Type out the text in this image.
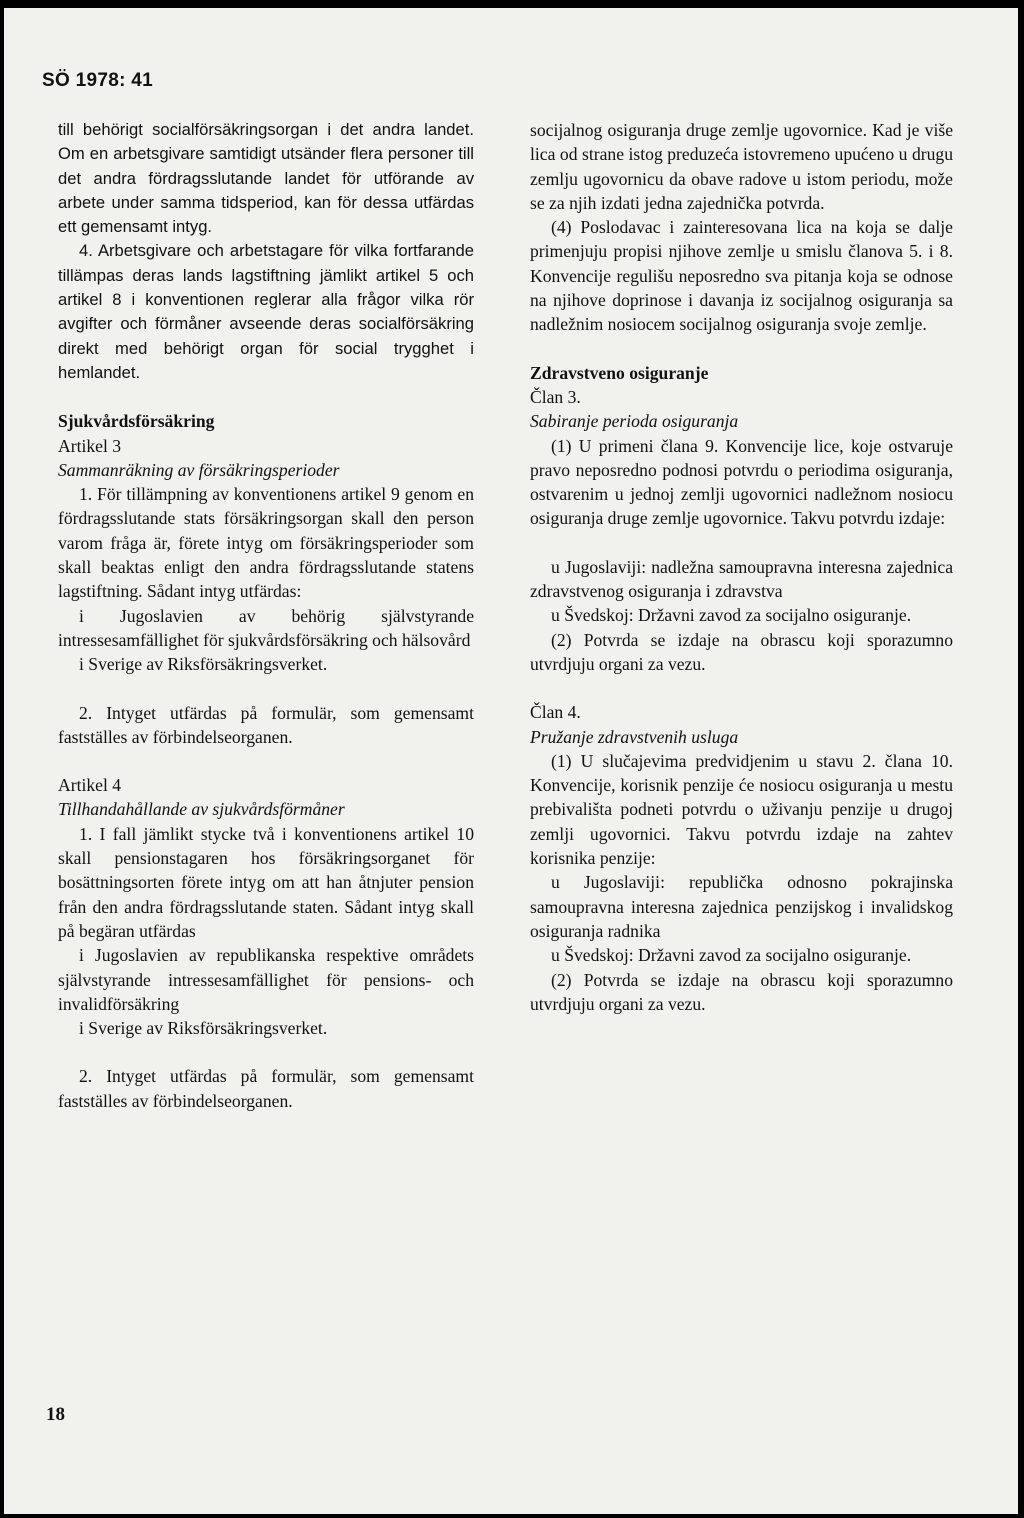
SÖ 1978: 41

till behörigt socialförsäkringsorgan i det andra landet. Om en arbetsgivare samtidigt utsänder flera personer till det andra fördragsslutande landet för utförande av arbete under samma tidsperiod, kan för dessa utfärdas ett gemensamt intyg.

4. Arbetsgivare och arbetstagare för vilka fortfarande tillämpas deras lands lagstiftning jämlikt artikel 5 och artikel 8 i konventionen reglerar alla frågor vilka rör avgifter och förmåner avseende deras socialförsäkring direkt med behörigt organ för social trygghet i hemlandet.

Sjukvårdsförsäkring

Artikel 3

Sammanräkning av försäkringsperioder

1. För tillämpning av konventionens artikel 9 genom en fördragsslutande stats försäkringsorgan skall den person varom fråga är, förete intyg om försäkringsperioder som skall beaktas enligt den andra fördragsslutande statens lagstiftning. Sådant intyg utfärdas:

i Jugoslavien av behörig självstyrande intressesamfällighet för sjukvårdsförsäkring och hälsovård

i Sverige av Riksförsäkringsverket.

2. Intyget utfärdas på formulär, som gemensamt fastställes av förbindelseorganen.

Artikel 4

Tillhandahållande av sjukvårdsförmåner

1. I fall jämlikt stycke två i konventionens artikel 10 skall pensionstagaren hos försäkringsorganet för bosättningsorten förete intyg om att han åtnjuter pension från den andra fördragsslutande staten. Sådant intyg skall på begäran utfärdas

i Jugoslavien av republikanska respektive områdets självstyrande intressesamfällighet för pensions- och invalidförsäkring

i Sverige av Riksförsäkringsverket.

2. Intyget utfärdas på formulär, som gemensamt fastställes av förbindelseorganen.

socijalnog osiguranja druge zemlje ugovornice. Kad je više lica od strane istog preduzeća istovremeno upućeno u drugu zemlju ugovornicu da obave radove u istom periodu, može se za njih izdati jedna zajednička potvrda.

(4) Poslodavac i zainteresovana lica na koja se dalje primenjuju propisi njihove zemlje u smislu članova 5. i 8. Konvencije regulišu neposredno sva pitanja koja se odnose na njihove doprinose i davanja iz socijalnog osiguranja sa nadležnim nosiocem socijalnog osiguranja svoje zemlje.

Zdravstveno osiguranje

Član 3.

Sabiranje perioda osiguranja

(1) U primeni člana 9. Konvencije lice, koje ostvaruje pravo neposredno podnosi potvrdu o periodima osiguranja, ostvarenim u jednoj zemlji ugovornici nadležnom nosiocu osiguranja druge zemlje ugovornice. Takvu potvrdu izdaje:

u Jugoslaviji: nadležna samoupravna interesna zajednica zdravstvenog osiguranja i zdravstva

u Švedskoj: Državni zavod za socijalno osiguranje.

(2) Potvrda se izdaje na obrascu koji sporazumno utvrdjuju organi za vezu.

Član 4.

Pružanje zdravstvenih usluga

(1) U slučajevima predvidjenim u stavu 2. člana 10. Konvencije, korisnik penzije će nosiocu osiguranja u mestu prebivališta podneti potvrdu o uživanju penzije u drugoj zemlji ugovornici. Takvu potvrdu izdaje na zahtev korisnika penzije:

u Jugoslaviji: republička odnosno pokrajinska samoupravna interesna zajednica penzijskog i invalidskog osiguranja radnika

u Švedskoj: Državni zavod za socijalno osiguranje.

(2) Potvrda se izdaje na obrascu koji sporazumno utvrdjuju organi za vezu.

18
